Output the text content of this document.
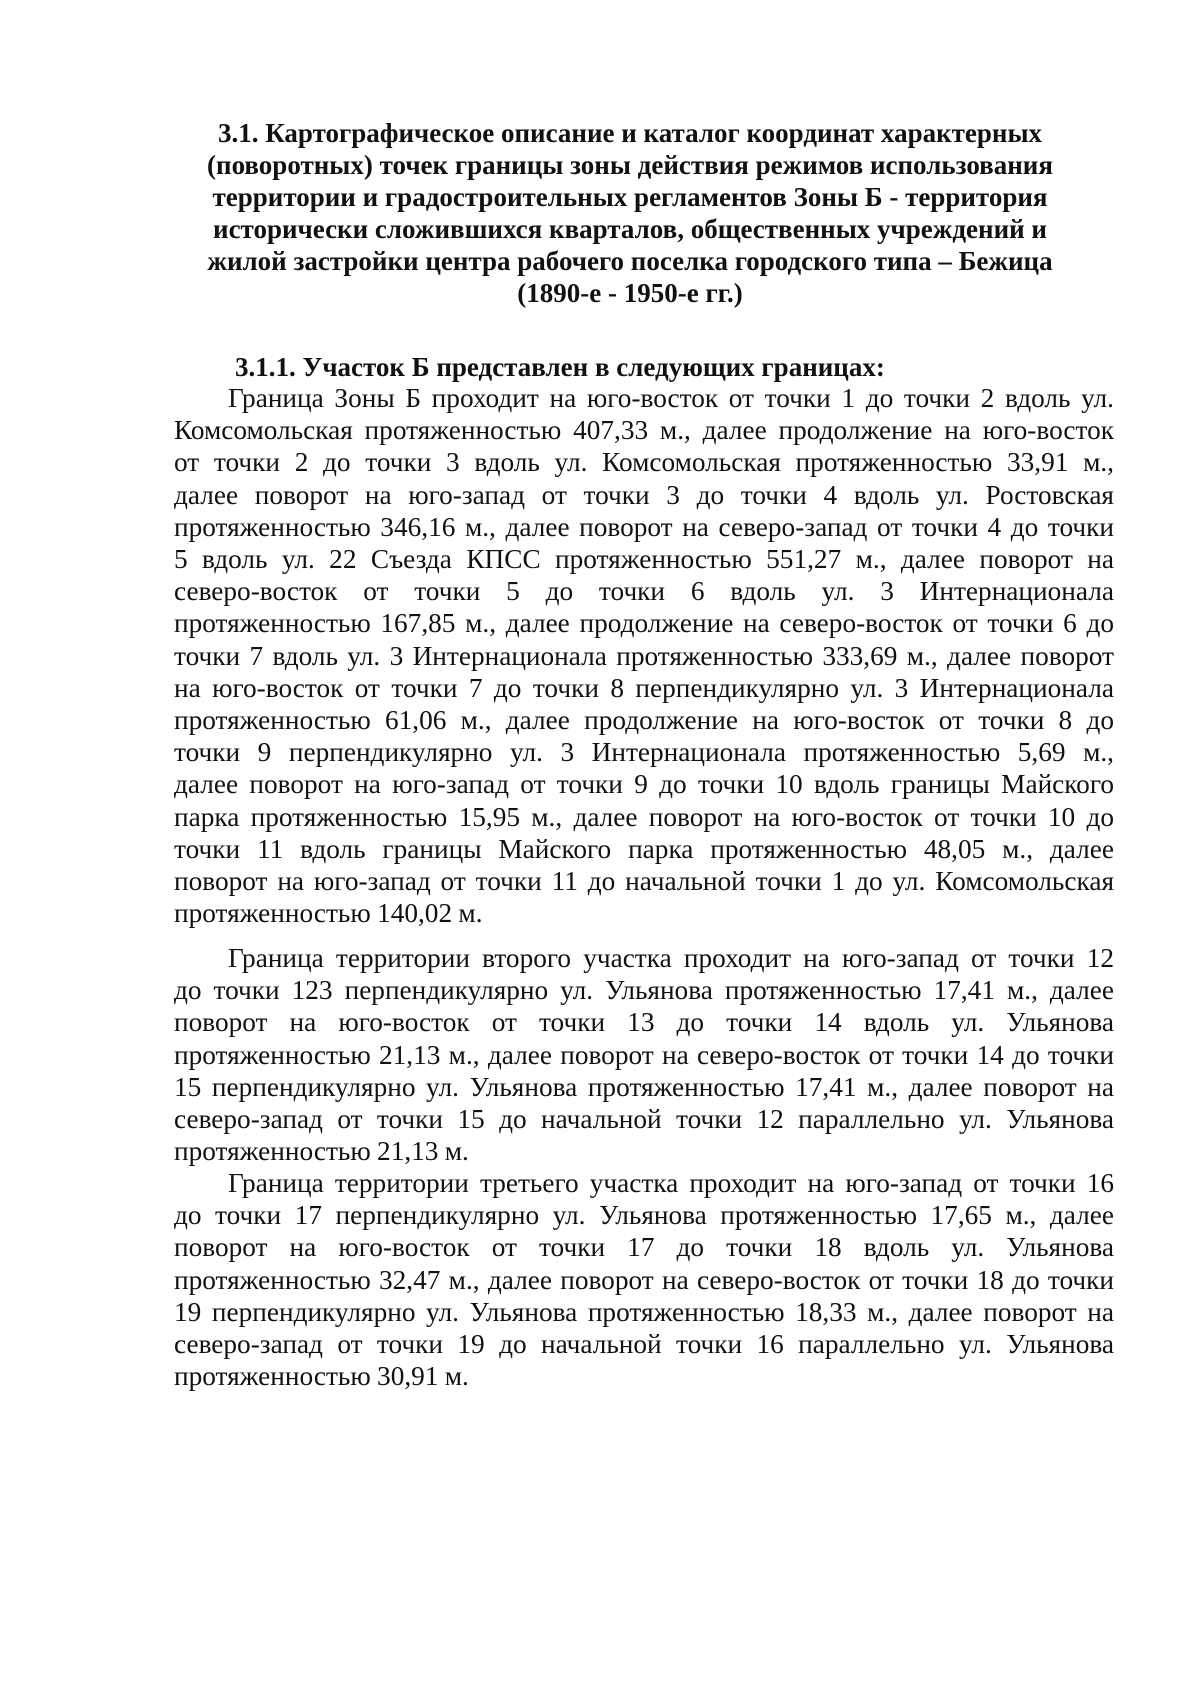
3.1. Картографическое описание и каталог координат характерных
(поворотных) точек границы зоны действия режимов использования
территории и градостроительных регламентов Зоны Б - территория
исторически сложившихся кварталов, общественных учреждений и
жилой застройки центра рабочего поселка городского типа – Бежица
(1890-е - 1950-е гг.)
3.1.1. Участок Б представлен в следующих границах:
Граница Зоны Б проходит на юго-восток от точки 1 до точки 2 вдоль ул.
Комсомольская протяженностью 407,33 м., далее продолжение на юго-восток
от точки 2 до точки 3 вдоль ул. Комсомольская протяженностью 33,91 м.,
далее поворот на юго-запад от точки 3 до точки 4 вдоль ул. Ростовская
протяженностью 346,16 м., далее поворот на северо-запад от точки 4 до точки
5 вдоль ул. 22 Съезда КПСС протяженностью 551,27 м., далее поворот на
северо-восток от точки 5 до точки 6 вдоль ул. 3 Интернационала
протяженностью 167,85 м., далее продолжение на северо-восток от точки 6 до
точки 7 вдоль ул. 3 Интернационала протяженностью 333,69 м., далее поворот
на юго-восток от точки 7 до точки 8 перпендикулярно ул. 3 Интернационала
протяженностью 61,06 м., далее продолжение на юго-восток от точки 8 до
точки 9 перпендикулярно ул. 3 Интернационала протяженностью 5,69 м.,
далее поворот на юго-запад от точки 9 до точки 10 вдоль границы Майского
парка протяженностью 15,95 м., далее поворот на юго-восток от точки 10 до
точки 11 вдоль границы Майского парка протяженностью 48,05 м., далее
поворот на юго-запад от точки 11 до начальной точки 1 до ул. Комсомольская
протяженностью 140,02 м.
Граница территории второго участка проходит на юго-запад от точки 12
до точки 123 перпендикулярно ул. Ульянова протяженностью 17,41 м., далее
поворот на юго-восток от точки 13 до точки 14 вдоль ул. Ульянова
протяженностью 21,13 м., далее поворот на северо-восток от точки 14 до точки
15 перпендикулярно ул. Ульянова протяженностью 17,41 м., далее поворот на
северо-запад от точки 15 до начальной точки 12 параллельно ул. Ульянова
протяженностью 21,13 м.
Граница территории третьего участка проходит на юго-запад от точки 16
до точки 17 перпендикулярно ул. Ульянова протяженностью 17,65 м., далее
поворот на юго-восток от точки 17 до точки 18 вдоль ул. Ульянова
протяженностью 32,47 м., далее поворот на северо-восток от точки 18 до точки
19 перпендикулярно ул. Ульянова протяженностью 18,33 м., далее поворот на
северо-запад от точки 19 до начальной точки 16 параллельно ул. Ульянова
протяженностью 30,91 м.
